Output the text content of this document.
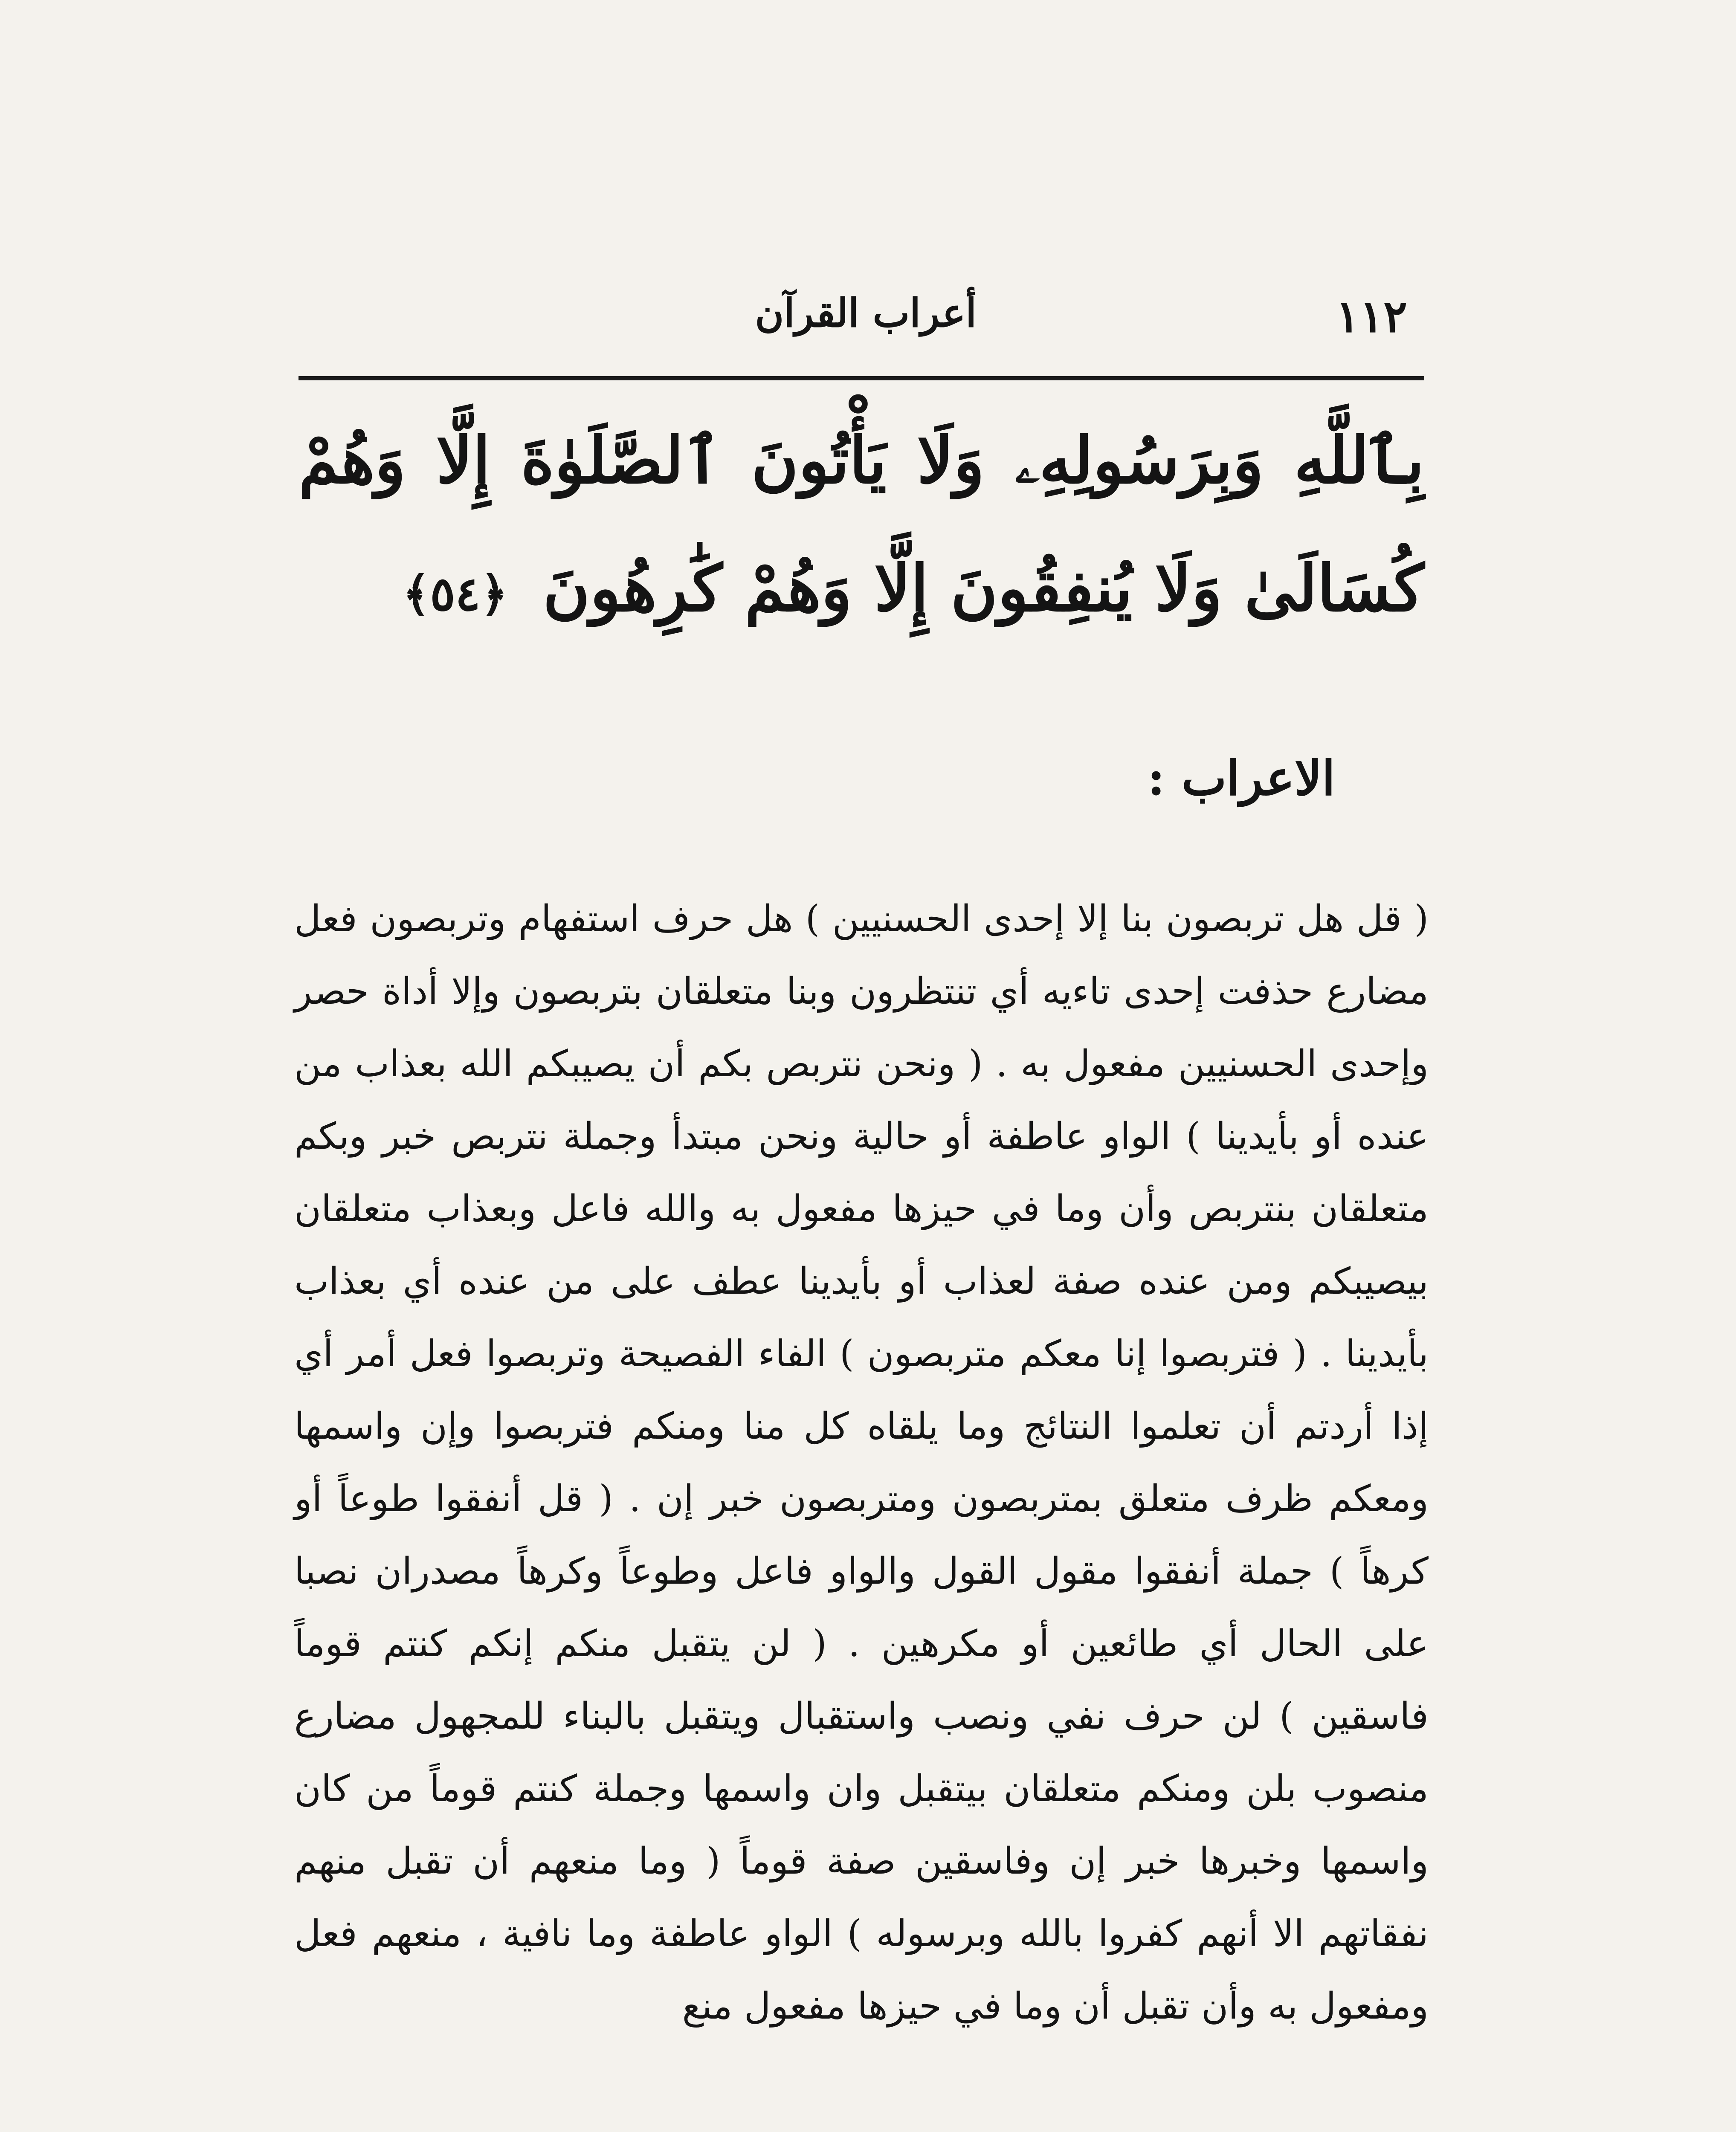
١١٢
أعراب القرآن
بِٱللَّهِ وَبِرَسُولِهِۦ وَلَا يَأْتُونَ ٱلصَّلَوٰةَ إِلَّا وَهُمْ كُسَالَىٰ وَلَا يُنفِقُونَ إِلَّا وَهُمْ كَٰرِهُونَ ﴿٥٤﴾
الاعراب :

( قل هل تربصون بنا إلا إحدى الحسنيين ) هل حرف استفهام وتربصون فعل مضارع حذفت إحدى تاءيه أي تنتظرون وبنا متعلقان بتربصون وإلا أداة حصر وإحدى الحسنيين مفعول به . ( ونحن نتربص بكم أن يصيبكم الله بعذاب من عنده أو بأيدينا ) الواو عاطفة أو حالية ونحن مبتدأ وجملة نتربص خبر وبكم متعلقان بنتربص وأن وما في حيزها مفعول به والله فاعل وبعذاب متعلقان بيصيبكم ومن عنده صفة لعذاب أو بأيدينا عطف على من عنده أي بعذاب بأيدينا . ( فتربصوا إنا معكم متربصون ) الفاء الفصيحة وتربصوا فعل أمر أي إذا أردتم أن تعلموا النتائج وما يلقاه كل منا ومنكم فتربصوا وإن واسمها ومعكم ظرف متعلق بمتربصون ومتربصون خبر إن . ( قل أنفقوا طوعاً أو كرهاً ) جملة أنفقوا مقول القول والواو فاعل وطوعاً وكرهاً مصدران نصبا على الحال أي طائعين أو مكرهين . ( لن يتقبل منكم إنكم كنتم قوماً فاسقين ) لن حرف نفي ونصب واستقبال ويتقبل بالبناء للمجهول مضارع منصوب بلن ومنكم متعلقان بيتقبل وان واسمها وجملة كنتم قوماً من كان واسمها وخبرها خبر إن وفاسقين صفة قوماً ( وما منعهم أن تقبل منهم نفقاتهم الا أنهم كفروا بالله وبرسوله ) الواو عاطفة وما نافية ، منعهم فعل ومفعول به وأن تقبل أن وما في حيزها مفعول منع
